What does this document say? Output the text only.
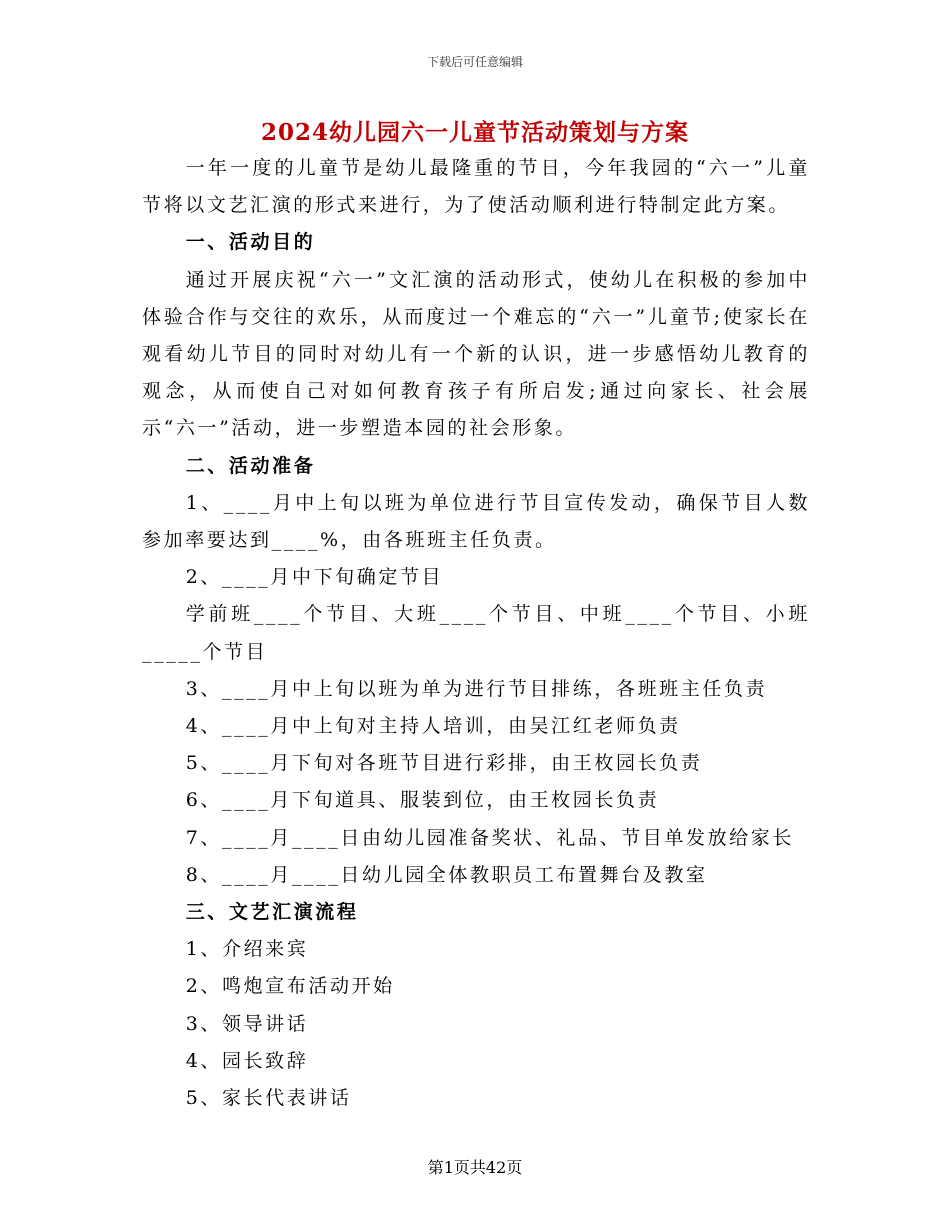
下载后可任意编辑
2024幼儿园六一儿童节活动策划与方案

一年一度的儿童节是幼儿最隆重的节日，今年我园的“六一”儿童节将以文艺汇演的形式来进行，为了使活动顺利进行特制定此方案。

一、活动目的

通过开展庆祝“六一”文汇演的活动形式，使幼儿在积极的参加中体验合作与交往的欢乐，从而度过一个难忘的“六一”儿童节;使家长在观看幼儿节目的同时对幼儿有一个新的认识，进一步感悟幼儿教育的观念，从而使自己对如何教育孩子有所启发;通过向家长、社会展示“六一”活动，进一步塑造本园的社会形象。

二、活动准备

1、____月中上旬以班为单位进行节目宣传发动，确保节目人数参加率要达到____%，由各班班主任负责。

2、____月中下旬确定节目

学前班____个节目、大班____个节目、中班____个节目、小班_____个节目

3、____月中上旬以班为单为进行节目排练，各班班主任负责

4、____月中上旬对主持人培训，由吴江红老师负责

5、____月下旬对各班节目进行彩排，由王枚园长负责

6、____月下旬道具、服装到位，由王枚园长负责

7、____月____日由幼儿园准备奖状、礼品、节目单发放给家长

8、____月____日幼儿园全体教职员工布置舞台及教室

三、文艺汇演流程

1、介绍来宾

2、鸣炮宣布活动开始

3、领导讲话

4、园长致辞

5、家长代表讲话

第1页共42页
